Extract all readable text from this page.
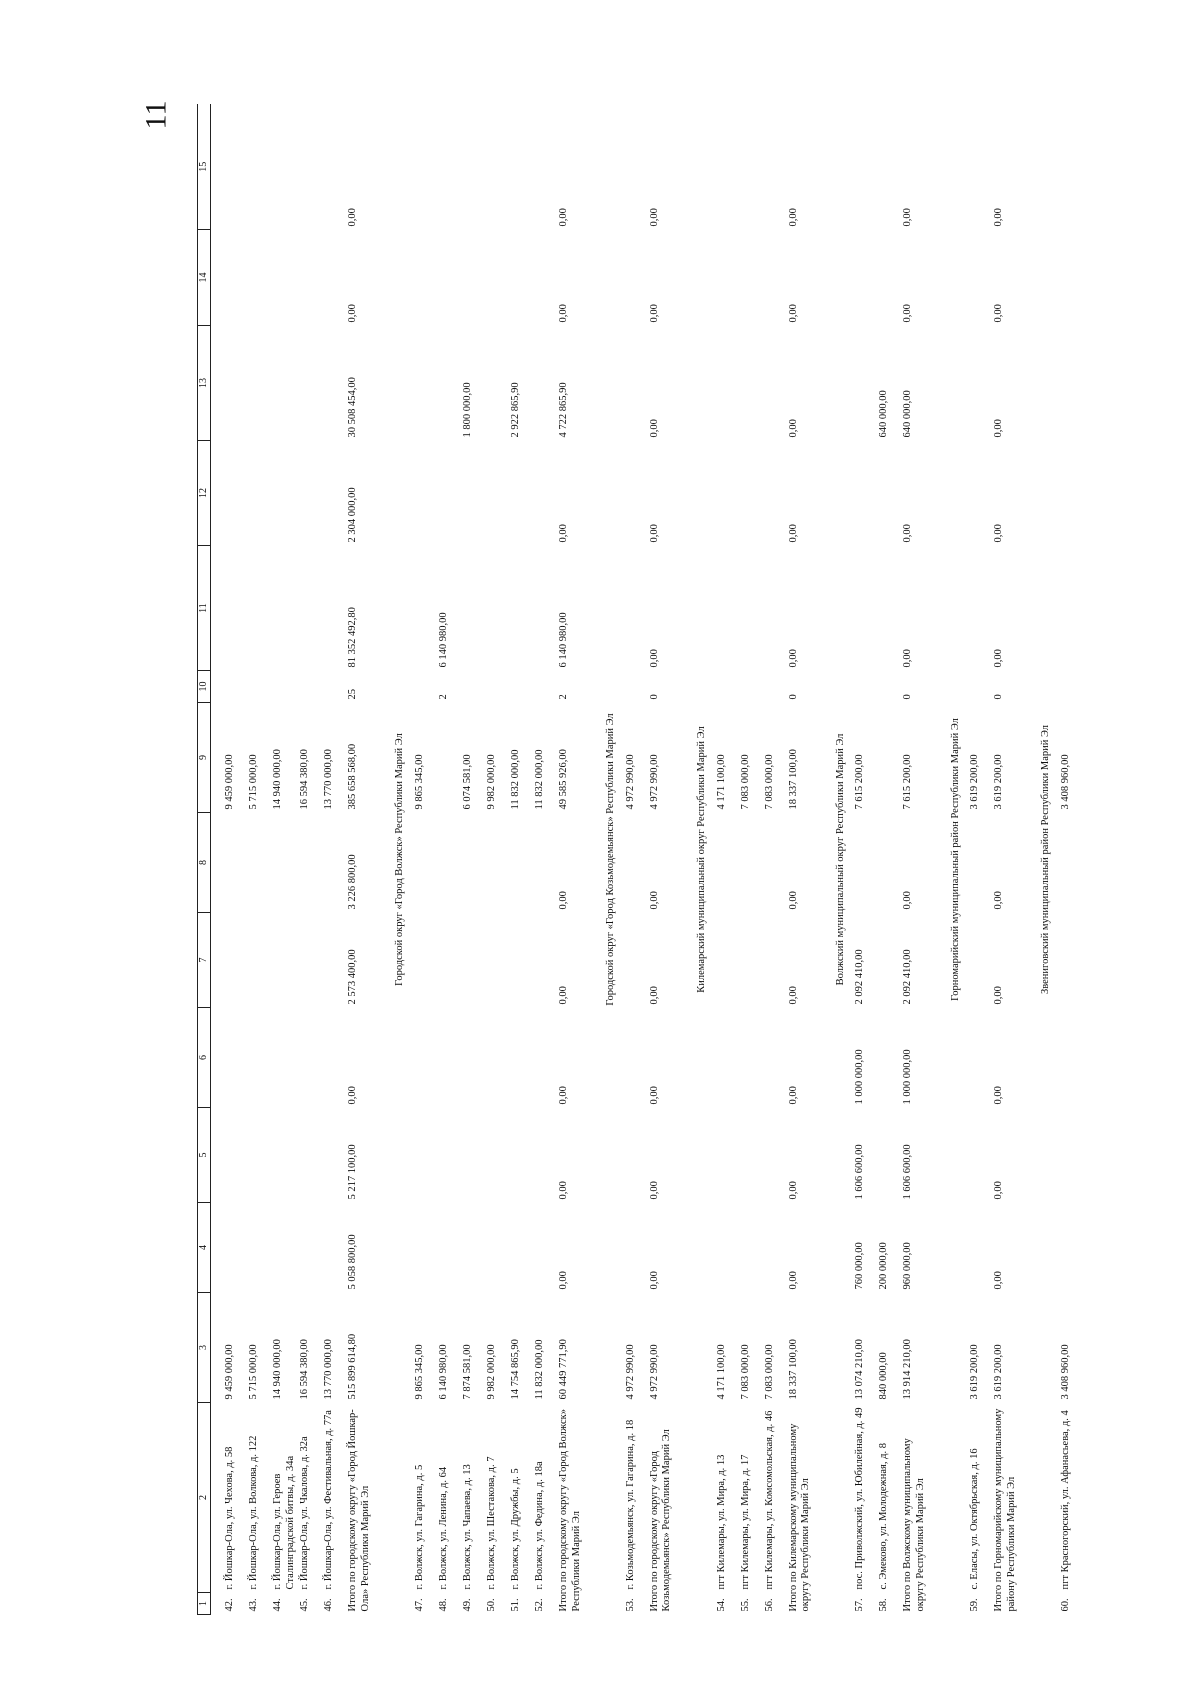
11
1	2	3	4	5	6	7	8	9	10	11	12	13	14	15

42.	г. Йошкар-Ола, ул. Чехова, д. 58	9 459 000,00						9 459 000,00						
43.	г. Йошкар-Ола, ул. Волкова, д. 122	5 715 000,00						5 715 000,00						
44.	г. Йошкар-Ола, ул. Героев Сталинградской битвы, д. 34а	14 940 000,00						14 940 000,00						
45.	г. Йошкар-Ола, ул. Чкалова, д. 32а	16 594 380,00						16 594 380,00						
46.	г. Йошкар-Ола, ул. Фестивальная, д. 77а	13 770 000,00						13 770 000,00						
Итого по городскому округу «Город Йошкар-Ола» Республики Марий Эл		515 899 614,80	5 058 800,00	5 217 100,00	0,00	2 573 400,00	3 226 800,00	385 658 568,00	25	81 352 492,80	2 304 000,00	30 508 454,00	0,00	0,00
Городской округ «Город Волжск» Республики Марий Эл														
47.	г. Волжск, ул. Гагарина, д. 5	9 865 345,00						9 865 345,00						
48.	г. Волжск, ул. Ленина, д. 64	6 140 980,00							2	6 140 980,00				
49.	г. Волжск, ул. Чапаева, д. 13	7 874 581,00						6 074 581,00				1 800 000,00		
50.	г. Волжск, ул. Шестакова, д. 7	9 982 000,00						9 982 000,00						
51.	г. Волжск, ул. Дружбы, д. 5	14 754 865,90						11 832 000,00				2 922 865,90		
52.	г. Волжск, ул. Федина, д. 18а	11 832 000,00						11 832 000,00						
Итого по городскому округу «Город Волжск» Республики Марий Эл		60 449 771,90	0,00	0,00	0,00	0,00	0,00	49 585 926,00	2	6 140 980,00	0,00	4 722 865,90	0,00	0,00
Городской округ «Город Козьмодемьянск» Республики Марий Эл														
53.	г. Козьмодемьянск, ул. Гагарина, д. 18	4 972 990,00						4 972 990,00						
Итого по городскому округу «Город Козьмодемьянск» Республики Марий Эл		4 972 990,00	0,00	0,00	0,00	0,00	0,00	4 972 990,00	0	0,00	0,00	0,00	0,00	0,00
Килемарский муниципальный округ Республики Марий Эл														
54.	пгт Килемары, ул. Мира, д. 13	4 171 100,00						4 171 100,00						
55.	пгт Килемары, ул. Мира, д. 17	7 083 000,00						7 083 000,00						
56.	пгт Килемары, ул. Комсомольская, д. 46	7 083 000,00						7 083 000,00						
Итого по Килемарскому муниципальному округу Республики Марий Эл		18 337 100,00	0,00	0,00	0,00	0,00	0,00	18 337 100,00	0	0,00	0,00	0,00	0,00	0,00
Волжский муниципальный округ Республики Марий Эл														
57.	пос. Приволжский, ул. Юбилейная, д. 49	13 074 210,00	760 000,00	1 606 600,00	1 000 000,00	2 092 410,00		7 615 200,00						
58.	с. Эмеково, ул. Молодежная, д. 8	840 000,00	200 000,00									640 000,00		
Итого по Волжскому муниципальному округу Республики Марий Эл		13 914 210,00	960 000,00	1 606 600,00	1 000 000,00	2 092 410,00	0,00	7 615 200,00	0	0,00	0,00	640 000,00	0,00	0,00
Горномарийский муниципальный район Республики Марий Эл														
59.	с. Еласы, ул. Октябрьская, д. 16	3 619 200,00						3 619 200,00						
Итого по Горномарийскому муниципальному району Республики Марий Эл		3 619 200,00	0,00	0,00	0,00	0,00	0,00	3 619 200,00	0	0,00	0,00	0,00	0,00	0,00
Звениговский муниципальный район Республики Марий Эл														
60.	пгт Красногорский, ул. Афанасьева, д. 4	3 408 960,00						3 408 960,00						
